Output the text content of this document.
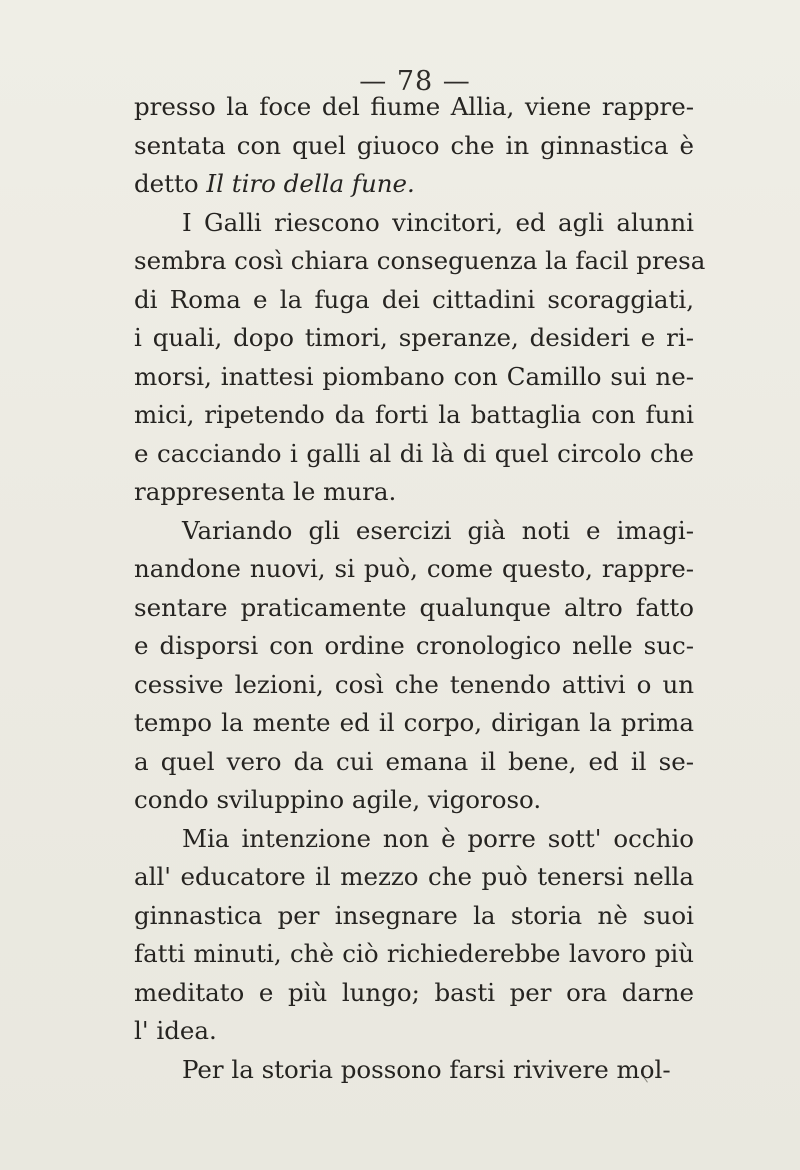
— 78 —
presso la foce del fiume Allia, viene rappre-
sentata con quel giuoco che in ginnastica è
detto Il tiro della fune.
I Galli riescono vincitori, ed agli alunni
sembra così chiara conseguenza la facil presa
di Roma e la fuga dei cittadini scoraggiati,
i quali, dopo timori, speranze, desideri e ri-
morsi, inattesi piombano con Camillo sui ne-
mici, ripetendo da forti la battaglia con funi
e cacciando i galli al di là di quel circolo che
rappresenta le mura.
Variando gli esercizi già noti e imagi-
nandone nuovi, si può, come questo, rappre-
sentare praticamente qualunque altro fatto
e disporsi con ordine cronologico nelle suc-
cessive lezioni, così che tenendo attivi o un
tempo la mente ed il corpo, dirigan la prima
a quel vero da cui emana il bene, ed il se-
condo sviluppino agile, vigoroso.
Mia intenzione non è porre sott' occhio
all' educatore il mezzo che può tenersi nella
ginnastica per insegnare la storia nè suoi
fatti minuti, chè ciò richiederebbe lavoro più
meditato e più lungo; basti per ora darne
l' idea.
Per la storia possono farsi rivivere mol-
